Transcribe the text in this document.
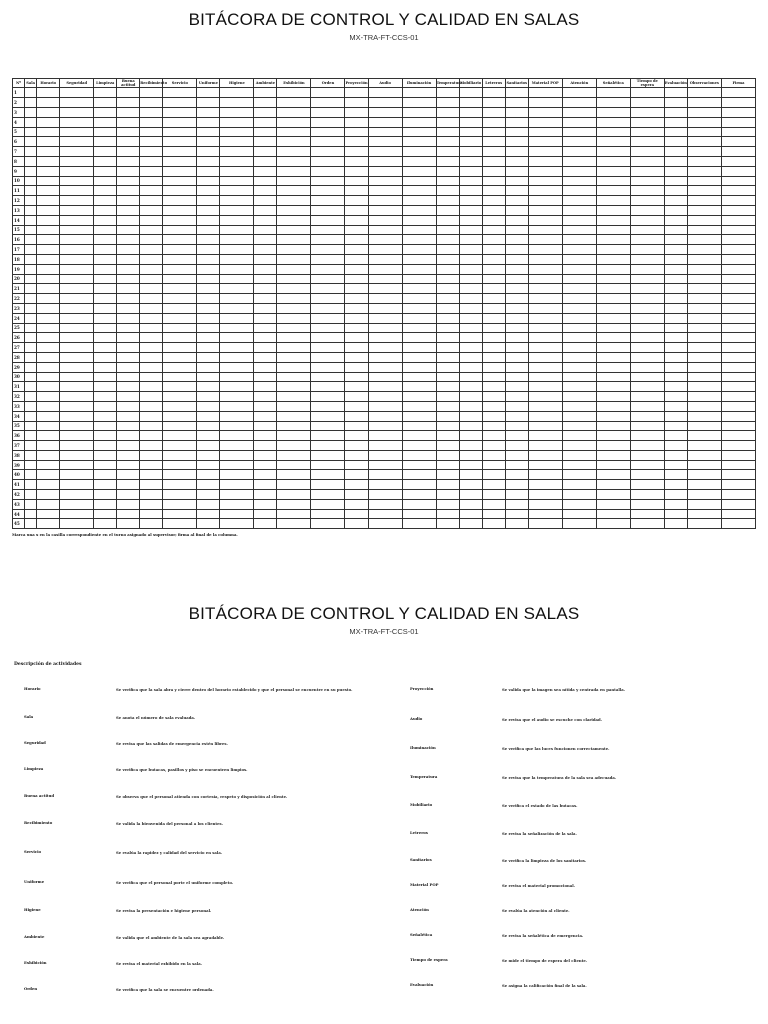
BITÁCORA DE CONTROL Y CALIDAD EN SALAS
MX-TRA-FT-CCS-01
Nº	Sala	Horario	Seguridad	Limpieza	Buena actitud	Recibimiento	Servicio	Uniforme	Higiene	Ambiente	Exhibición	Orden	Proyección	Audio	Iluminación	Temperatura	Mobiliario	Letreros	Sanitarios	Material POP	Atención	Señalética	Tiempo de espera	Evaluación	Observaciones	Firma
1																										
2																										
3																										
4																										
5																										
6																										
7																										
8																										
9																										
10																										
11																										
12																										
13																										
14																										
15																										
16																										
17																										
18																										
19																										
20																										
21																										
22																										
23																										
24																										
25																										
26																										
27																										
28																										
29																										
30																										
31																										
32																										
33																										
34																										
35																										
36																										
37																										
38																										
39																										
40																										
41																										
42																										
43																										
44																										
45																										
Marca una x en la casilla correspondiente en el turno asignado al supervisor; firma al final de la columna.
BITÁCORA DE CONTROL Y CALIDAD EN SALAS
MX-TRA-FT-CCS-01
Descripción de actividades
Horario	Se verifica que la sala abra y cierre dentro del horario establecido y que el personal se encuentre en su puesto.
Sala	Se anota el número de sala evaluada.
Seguridad	Se revisa que las salidas de emergencia estén libres.
Limpieza	Se verifica que butacas, pasillos y piso se encuentren limpios.
Buena actitud	Se observa que el personal atienda con cortesía, respeto y disposición al cliente.
Recibimiento	Se valida la bienvenida del personal a los clientes.
Servicio	Se evalúa la rapidez y calidad del servicio en sala.
Uniforme	Se verifica que el personal porte el uniforme completo.
Higiene	Se revisa la presentación e higiene personal.
Ambiente	Se valida que el ambiente de la sala sea agradable.
Exhibición	Se revisa el material exhibido en la sala.
Orden	Se verifica que la sala se encuentre ordenada.
Proyección	Se valida que la imagen sea nítida y centrada en pantalla.
Audio	Se revisa que el audio se escuche con claridad.
Iluminación	Se verifica que las luces funcionen correctamente.
Temperatura	Se revisa que la temperatura de la sala sea adecuada.
Mobiliario	Se verifica el estado de las butacas.
Letreros	Se revisa la señalización de la sala.
Sanitarios	Se verifica la limpieza de los sanitarios.
Material POP	Se revisa el material promocional.
Atención	Se evalúa la atención al cliente.
Señalética	Se revisa la señalética de emergencia.
Tiempo de espera	Se mide el tiempo de espera del cliente.
Evaluación	Se asigna la calificación final de la sala.
